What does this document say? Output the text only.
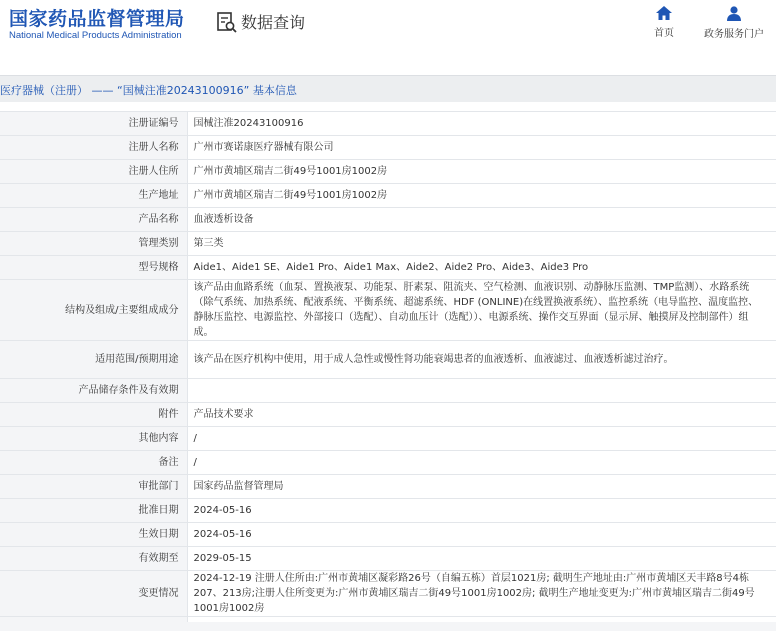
国家药品监督管理局
National Medical Products Administration
数据查询
首页	政务服务门户
医疗器械（注册） —— “国械注准20243100916” 基本信息
注册证编号	国械注准20243100916
注册人名称	广州市赛诺康医疗器械有限公司
注册人住所	广州市黄埔区瑞吉二街49号1001房1002房
生产地址	广州市黄埔区瑞吉二街49号1001房1002房
产品名称	血液透析设备
管理类别	第三类
型号规格	Aide1、Aide1 SE、Aide1 Pro、Aide1 Max、Aide2、Aide2 Pro、Aide3、Aide3 Pro
结构及组成/主要组成成分	该产品由血路系统（血泵、置换液泵、功能泵、肝素泵、阻流夹、空气检测、血液识别、动静脉压监测、TMP监测）、水路系统（除气系统、加热系统、配液系统、平衡系统、超滤系统、HDF (ONLINE)在线置换液系统）、监控系统（电导监控、温度监控、静脉压监控、电源监控、外部接口（选配）、自动血压计（选配））、电源系统、操作交互界面（显示屏、触摸屏及控制部件）组成。
适用范围/预期用途	该产品在医疗机构中使用，用于成人急性或慢性肾功能衰竭患者的血液透析、血液滤过、血液透析滤过治疗。
产品储存条件及有效期	
附件	产品技术要求
其他内容	/
备注	/
审批部门	国家药品监督管理局
批准日期	2024-05-16
生效日期	2024-05-16
有效期至	2029-05-15
变更情况	2024-12-19 注册人住所由:广州市黄埔区凝彩路26号（自编五栋）首层1021房; 截明生产地址由:广州市黄埔区天丰路8号4栋207、213房;注册人住所变更为:广州市黄埔区瑞吉二街49号1001房1002房; 截明生产地址变更为:广州市黄埔区瑞吉二街49号1001房1002房
